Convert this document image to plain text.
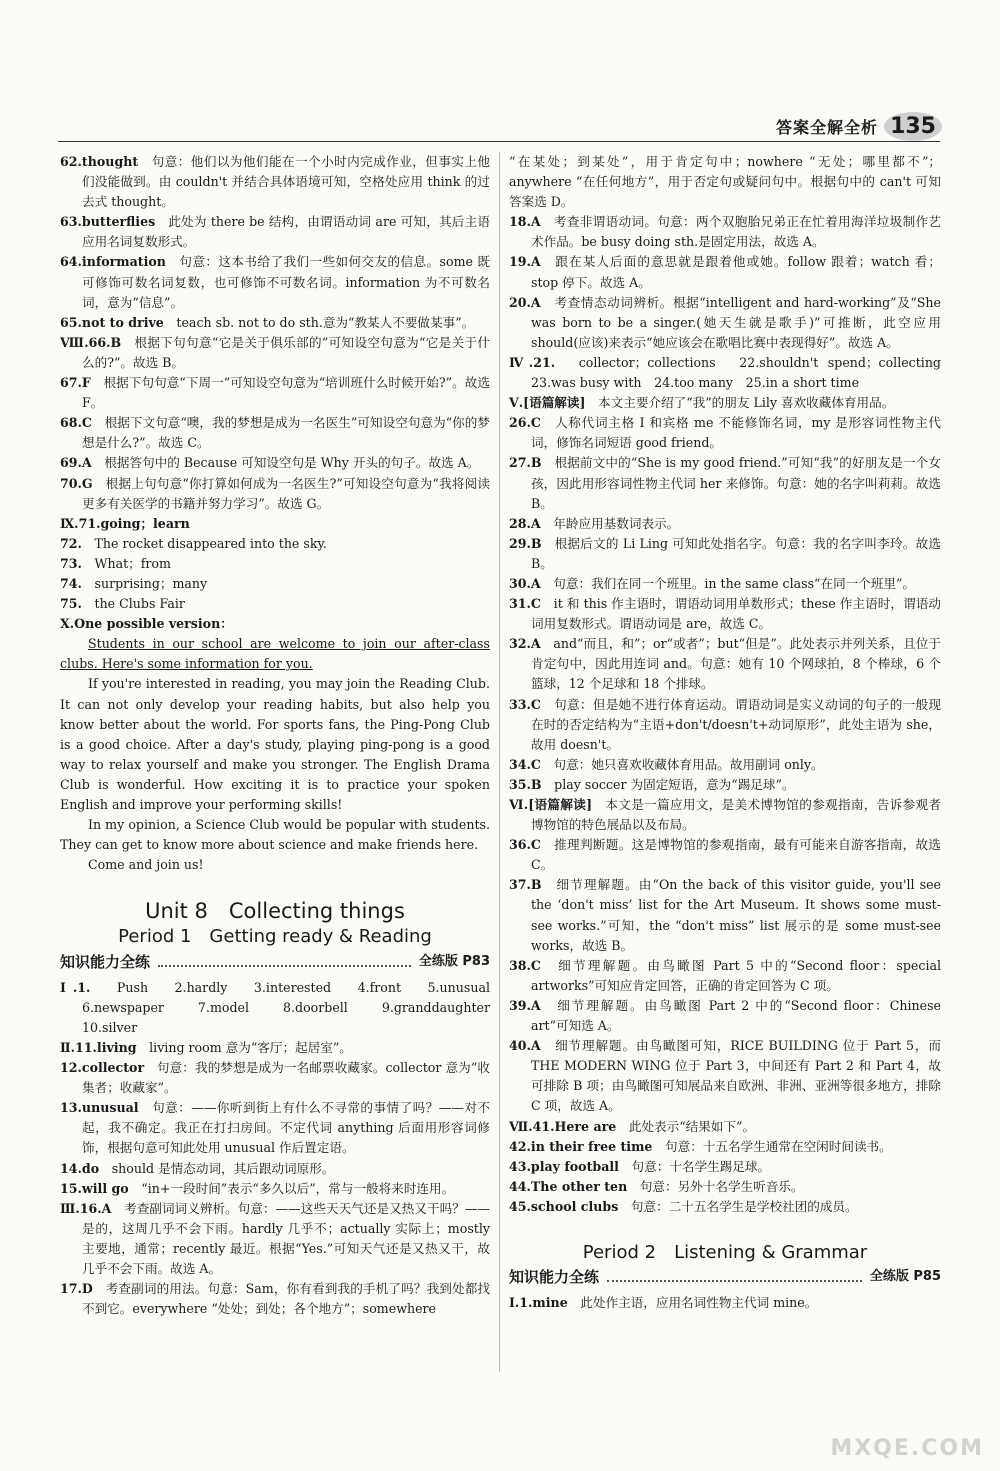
答案全解全析 135

62.thought　 句意：他们以为他们能在一个小时内完成作业，但事实上他们没能做到。由 couldn't 并结合具体语境可知，空格处应用 think 的过去式 thought。

63.butterflies　 此处为 there be 结构，由谓语动词 are 可知，其后主语应用名词复数形式。

64.information　 句意：这本书给了我们一些如何交友的信息。some 既可修饰可数名词复数，也可修饰不可数名词。information 为不可数名词，意为“信息”。

65.not to drive　 teach sb. not to do sth.意为“教某人不要做某事”。

Ⅷ.66.B　 根据下句句意“它是关于俱乐部的”可知设空句意为“它是关于什么的?”。故选 B。

67.F　 根据下句句意“下周一”可知设空句意为“培训班什么时候开始?”。故选 F。

68.C　 根据下文句意“噢，我的梦想是成为一名医生”可知设空句意为“你的梦想是什么?”。故选 C。

69.A　 根据答句中的 Because 可知设空句是 Why 开头的句子。故选 A。

70.G　 根据上句句意“你打算如何成为一名医生?”可知设空句意为“我将阅读更多有关医学的书籍并努力学习”。故选 G。

Ⅸ.71.going；learn　

72.　 The rocket disappeared into the sky.

73.　 What；from

74.　 surprising；many

75.　 the Clubs Fair

Ⅹ.One possible version：　

Students in our school are welcome to join our after-class clubs. Here's some information for you.

If you're interested in reading, you may join the Reading Club. It can not only develop your reading habits, but also help you know better about the world. For sports fans, the Ping-Pong Club is a good choice. After a day's study, playing ping-pong is a good way to relax yourself and make you stronger. The English Drama Club is wonderful. How exciting it is to practice your spoken English and improve your performing skills!

In my opinion, a Science Club would be popular with students. They can get to know more about science and make friends here.

Come and join us!

Unit 8　Collecting things
Period 1　Getting ready & Reading
知识能力全练	全练版 P83

Ⅰ.1.　 Push　2.hardly　3.interested　4.front　5.unusual　6.newspaper　7.model　8.doorbell　9.granddaughter　10.silver

Ⅱ.11.living　 living room 意为“客厅；起居室”。

12.collector　 句意：我的梦想是成为一名邮票收藏家。collector 意为“收集者；收藏家”。

13.unusual　 句意：——你听到街上有什么不寻常的事情了吗？——对不起，我不确定。我正在打扫房间。不定代词 anything 后面用形容词修饰，根据句意可知此处用 unusual 作后置定语。

14.do　 should 是情态动词，其后跟动词原形。

15.will go　 “in+一段时间”表示“多久以后”，常与一般将来时连用。

Ⅲ.16.A　 考查副词词义辨析。句意：——这些天天气还是又热又干吗？——是的，这周几乎不会下雨。hardly 几乎不；actually 实际上；mostly 主要地，通常；recently 最近。根据“Yes.”可知天气还是又热又干，故几乎不会下雨。故选 A。

17.D　 考查副词的用法。句意：Sam，你有看到我的手机了吗？我到处都找不到它。everywhere “处处；到处；各个地方”；somewhere

“在某处；到某处”，用于肯定句中；nowhere “无处；哪里都不”；anywhere “在任何地方”，用于否定句或疑问句中。根据句中的 can't 可知答案选 D。

18.A　 考查非谓语动词。句意：两个双胞胎兄弟正在忙着用海洋垃圾制作艺术作品。be busy doing sth.是固定用法，故选 A。

19.A　 跟在某人后面的意思就是跟着他或她。follow 跟着；watch 看；stop 停下。故选 A。

20.A　 考查情态动词辨析。根据“intelligent and hard-working”及“She was born to be a singer.(她天生就是歌手)”可推断，此空应用 should(应该)来表示“她应该会在歌唱比赛中表现得好”。故选 A。

Ⅳ.21.　 collector；collections　22.shouldn't spend；collecting　23.was busy with　24.too many　25.in a short time

Ⅴ.[语篇解读]　 本文主要介绍了“我”的朋友 Lily 喜欢收藏体育用品。

26.C　 人称代词主格 I 和宾格 me 不能修饰名词，my 是形容词性物主代词，修饰名词短语 good friend。

27.B　 根据前文中的“She is my good friend.”可知“我”的好朋友是一个女孩，因此用形容词性物主代词 her 来修饰。句意：她的名字叫莉莉。故选 B。

28.A　 年龄应用基数词表示。

29.B　 根据后文的 Li Ling 可知此处指名字。句意：我的名字叫李玲。故选 B。

30.A　 句意：我们在同一个班里。in the same class“在同一个班里”。

31.C　 it 和 this 作主语时，谓语动词用单数形式；these 作主语时，谓语动词用复数形式。谓语动词是 are，故选 C。

32.A　 and“而且，和”；or“或者”；but“但是”。此处表示并列关系，且位于肯定句中，因此用连词 and。句意：她有 10 个网球拍，8 个棒球，6 个篮球，12 个足球和 18 个排球。

33.C　 句意：但是她不进行体育运动。谓语动词是实义动词的句子的一般现在时的否定结构为“主语+don't/doesn't+动词原形”，此处主语为 she，故用 doesn't。

34.C　 句意：她只喜欢收藏体育用品。故用副词 only。

35.B　 play soccer 为固定短语，意为“踢足球”。

Ⅵ.[语篇解读]　 本文是一篇应用文，是美术博物馆的参观指南，告诉参观者博物馆的特色展品以及布局。

36.C　 推理判断题。这是博物馆的参观指南，最有可能来自游客指南，故选 C。

37.B　 细节理解题。由“On the back of this visitor guide, you'll see the ‘don't miss’ list for the Art Museum. It shows some must-see works.”可知，the “don't miss” list 展示的是 some must-see works，故选 B。

38.C　 细节理解题。由鸟瞰图 Part 5 中的“Second floor：special artworks”可知应肯定回答，正确的肯定回答为 C 项。

39.A　 细节理解题。由鸟瞰图 Part 2 中的“Second floor：Chinese art”可知选 A。

40.A　 细节理解题。由鸟瞰图可知，RICE BUILDING 位于 Part 5，而 THE MODERN WING 位于 Part 3，中间还有 Part 2 和 Part 4，故可排除 B 项；由鸟瞰图可知展品来自欧洲、非洲、亚洲等很多地方，排除 C 项，故选 A。

Ⅶ.41.Here are　 此处表示“结果如下”。

42.in their free time　 句意：十五名学生通常在空闲时间读书。

43.play football　 句意：十名学生踢足球。

44.The other ten　 句意：另外十名学生听音乐。

45.school clubs　 句意：二十五名学生是学校社团的成员。

Period 2　Listening & Grammar
知识能力全练	全练版 P85

Ⅰ.1.mine　 此处作主语，应用名词性物主代词 mine。

MXQE.COM
